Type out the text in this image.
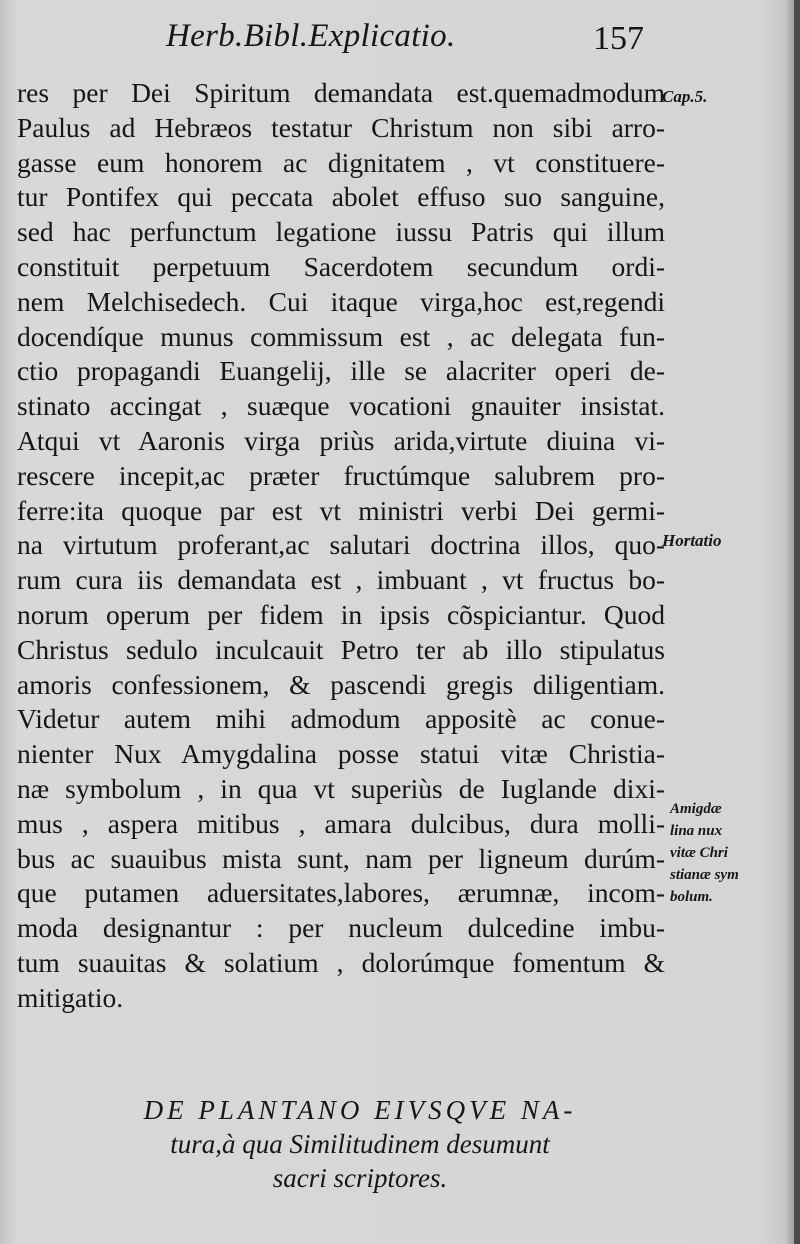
Herb.Bibl.Explicatio.	157
res per Dei Spiritum demandata est.quemadmodum
Paulus ad Hebræos testatur Christum non sibi arro-
gasse eum honorem ac dignitatem , vt constituere-
tur Pontifex qui peccata abolet effuso suo sanguine,
sed hac perfunctum legatione iussu Patris qui illum
constituit perpetuum Sacerdotem secundum ordi-
nem Melchisedech. Cui itaque virga,hoc est,regendi
docendíque munus commissum est , ac delegata fun-
ctio propagandi Euangelij, ille se alacriter operi de-
stinato accingat , suæque vocationi gnauiter insistat.
Atqui vt Aaronis virga priùs arida,virtute diuina vi-
rescere incepit,ac præter fructúmque salubrem pro-
ferre:ita quoque par est vt ministri verbi Dei germi-
na virtutum proferant,ac salutari doctrina illos, quo-
rum cura iis demandata est , imbuant , vt fructus bo-
norum operum per fidem in ipsis cõspiciantur. Quod
Christus sedulo inculcauit Petro ter ab illo stipulatus
amoris confessionem, & pascendi gregis diligentiam.
Videtur autem mihi admodum appositè ac conue-
nienter Nux Amygdalina posse statui vitæ Christia-
næ symbolum , in qua vt superiùs de Iuglande dixi-
mus , aspera mitibus , amara dulcibus, dura molli-
bus ac suauibus mista sunt, nam per ligneum durúm-
que putamen aduersitates,labores, ærumnæ, incom-
moda designantur : per nucleum dulcedine imbu-
tum suauitas & solatium , dolorúmque fomentum &
mitigatio.
Cap.5.
Hortatio
Amigdæ
lina nux
vitæ Chri
stianæ sym
bolum.
DE PLANTANO EIVSQVE NA-
tura,à qua Similitudinem desumunt
sacri scriptores.
